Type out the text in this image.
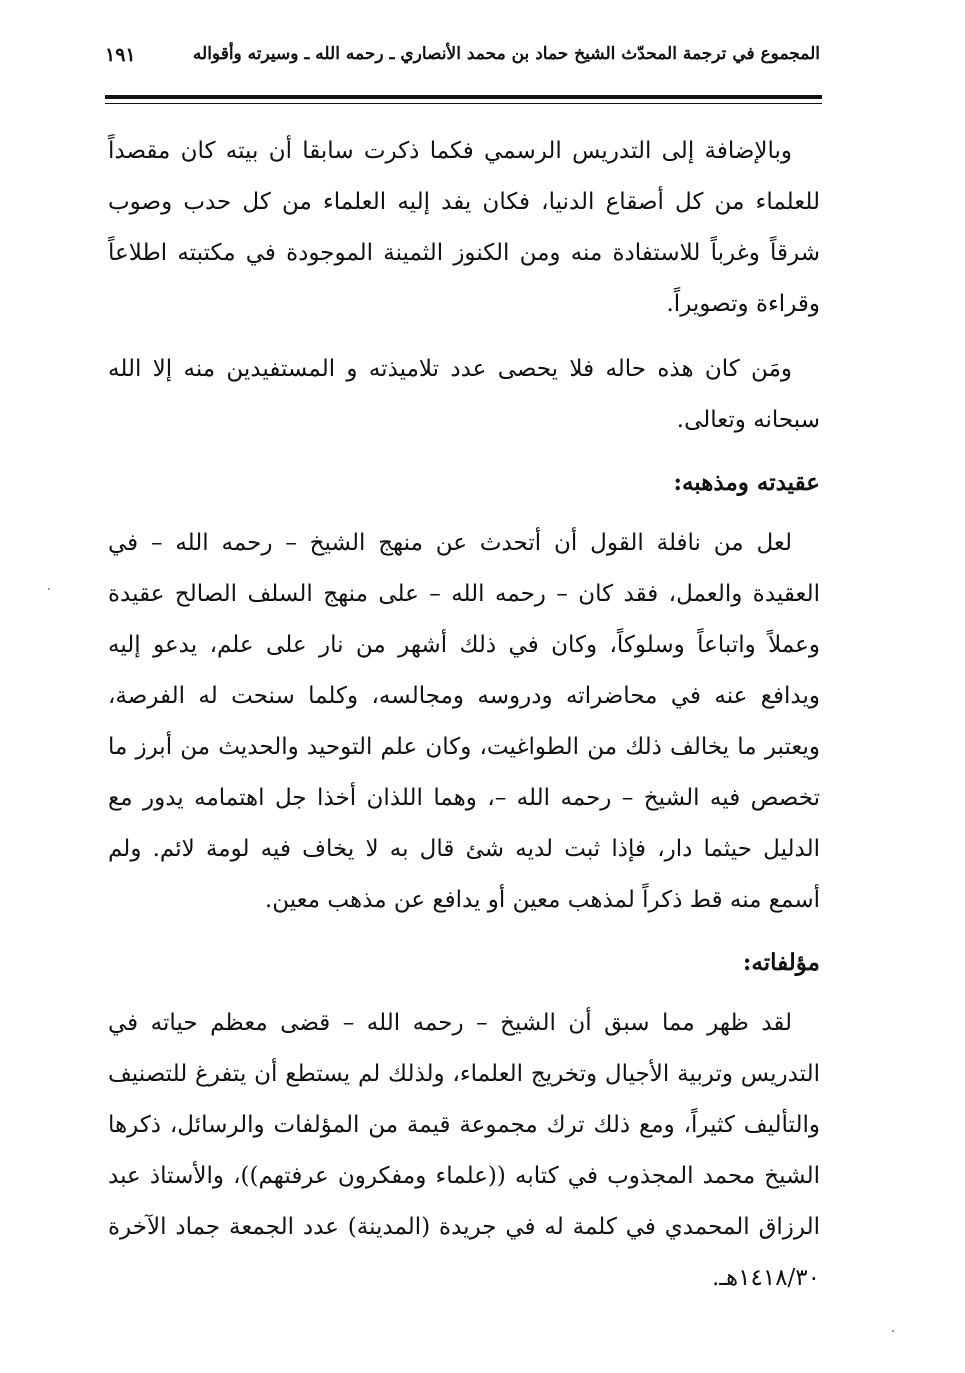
المجموع في ترجمة المحدّث الشيخ حماد بن محمد الأنصاري ـ رحمه الله ـ وسيرته وأقواله
١٩١

وبالإضافة إلى التدريس الرسمي فكما ذكرت سابقا أن بيته كان مقصداً للعلماء من كل أصقاع الدنيا، فكان يفد إليه العلماء من كل حدب وصوب شرقاً وغرباً للاستفادة منه ومن الكنوز الثمينة الموجودة في مكتبته اطلاعاً وقراءة وتصويراً.

ومَن كان هذه حاله فلا يحصى عدد تلاميذته و المستفيدين منه إلا الله سبحانه وتعالى.

عقيدته ومذهبه:

لعل من نافلة القول أن أتحدث عن منهج الشيخ – رحمه الله – في العقيدة والعمل، فقد كان – رحمه الله – على منهج السلف الصالح عقيدة وعملاً واتباعاً وسلوكاً، وكان في ذلك أشهر من نار على علم، يدعو إليه ويدافع عنه في محاضراته ودروسه ومجالسه، وكلما سنحت له الفرصة، ويعتبر ما يخالف ذلك من الطواغيت، وكان علم التوحيد والحديث من أبرز ما تخصص فيه الشيخ – رحمه الله –، وهما اللذان أخذا جل اهتمامه يدور مع الدليل حيثما دار، فإذا ثبت لديه شئ قال به لا يخاف فيه لومة لائم. ولم أسمع منه قط ذكراً لمذهب معين أو يدافع عن مذهب معين.

مؤلفاته:

لقد ظهر مما سبق أن الشيخ – رحمه الله – قضى معظم حياته في التدريس وتربية الأجيال وتخريج العلماء، ولذلك لم يستطع أن يتفرغ للتصنيف والتأليف كثيراً، ومع ذلك ترك مجموعة قيمة من المؤلفات والرسائل، ذكرها الشيخ محمد المجذوب في كتابه ((علماء ومفكرون عرفتهم))، والأستاذ عبد الرزاق المحمدي في كلمة له في جريدة (المدينة) عدد الجمعة جماد الآخرة ١٤١٨/٣٠هـ.
